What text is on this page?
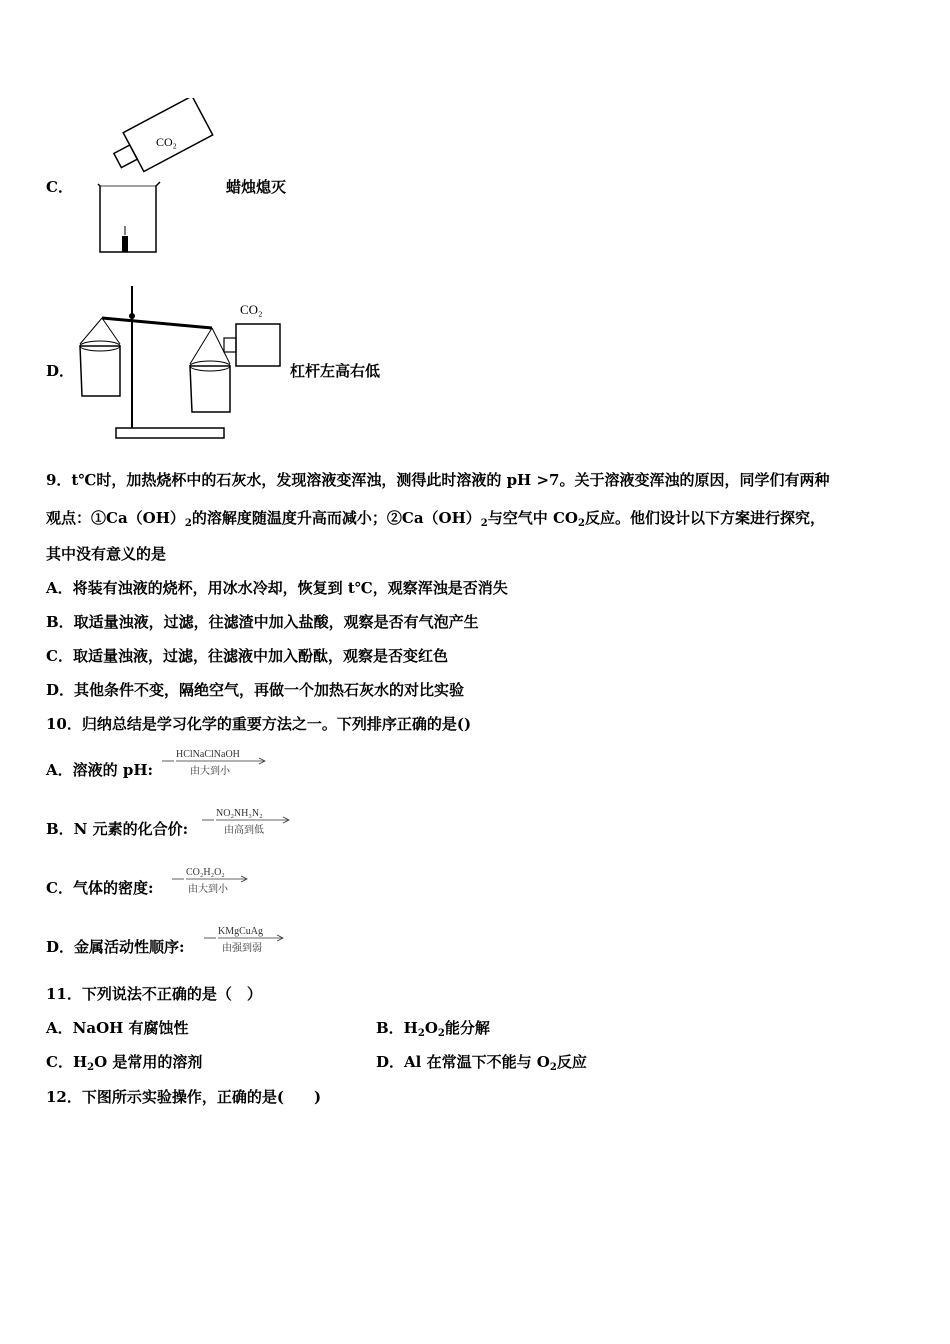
C．
CO₂
蜡烛熄灭
D．
CO₂
杠杆左高右低
9．t℃时，加热烧杯中的石灰水，发现溶液变浑浊，测得此时溶液的 pH >7。关于溶液变浑浊的原因，同学们有两种
观点：$①Ca(OH)_2$的溶解度随温度升高而减小；$②Ca(OH)_2$与空气中 $CO_2$反应。他们设计以下方案进行探究，
其中没有意义的是
A．将装有浊液的烧杯，用冰水冷却，恢复到 t℃，观察浑浊是否消失
B．取适量浊液，过滤，往滤渣中加入盐酸，观察是否有气泡产生
C．取适量浊液，过滤，往滤液中加入酚酞，观察是否变红色
D．其他条件不变，隔绝空气，再做一个加热石灰水的对比实验
10．归纳总结是学习化学的重要方法之一。下列排序正确的是()
A．溶液的 pH:
HClNaClNaOH
由大到小
B．N 元素的化合价:
NO₂NH₃N₂
由高到低
C．气体的密度:
CO₂H₂O₂
由大到小
D．金属活动性顺序:
KMgCuAg
由强到弱
11．下列说法不正确的是（　）
A．NaOH 有腐蚀性	B．$H_2O_2$能分解
C．$H_2O$ 是常用的溶剂	D．Al 在常温下不能与 $O_2$反应
12．下图所示实验操作，正确的是(　　)
